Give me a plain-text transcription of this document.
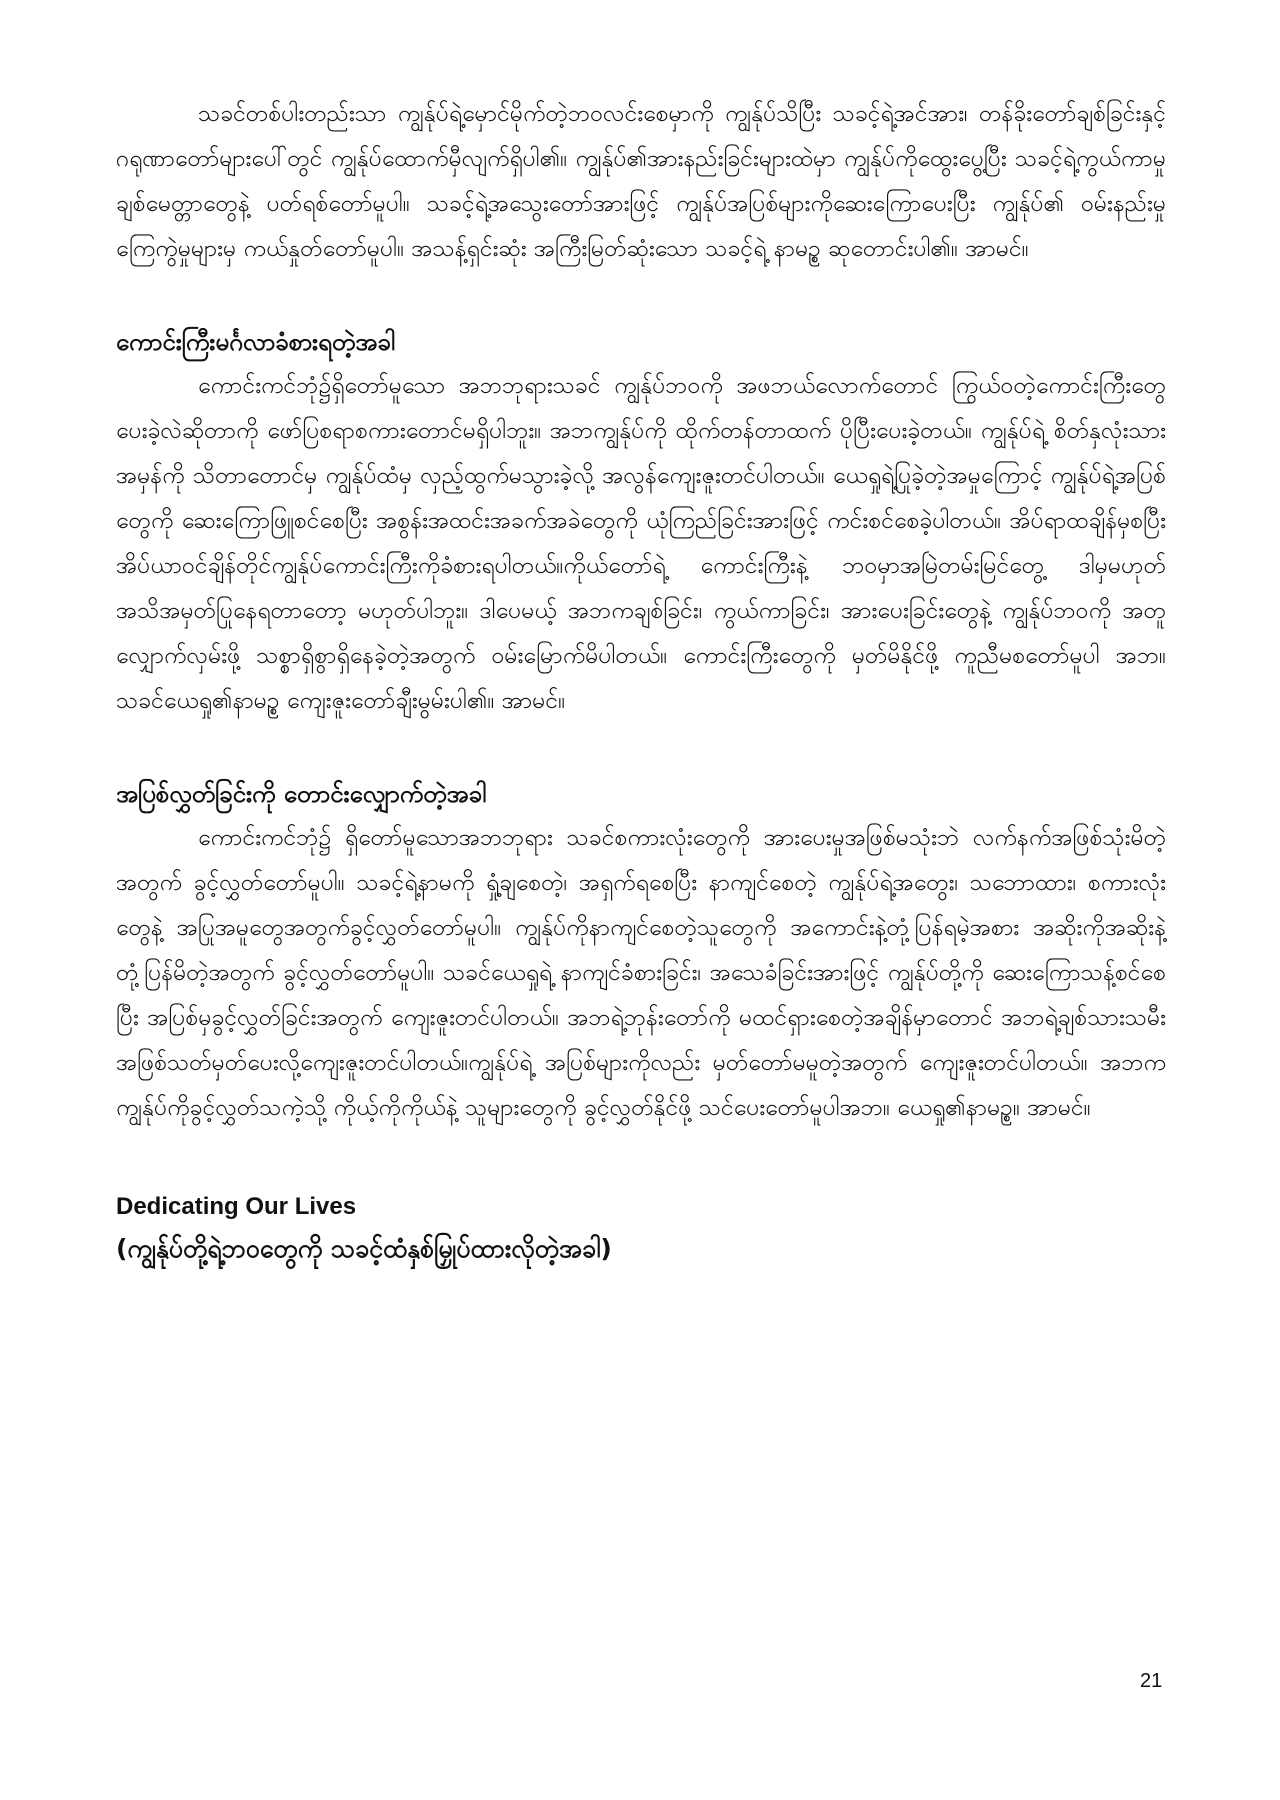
သခင်တစ်ပါးတည်းသာ ကျွန်ုပ်ရဲ့မှောင်မိုက်တဲ့ဘဝလင်းစေမှာကို ကျွန်ုပ်သိပြီး သခင့်ရဲ့အင်အား၊ တန်ခိုးတော်ချစ်ခြင်းနှင့် ဂရုဏာတော်များပေါ်တွင် ကျွန်ုပ်ထောက်မှီလျက်ရှိပါ၏။ ကျွန်ုပ်၏အားနည်းခြင်းများထဲမှာ ကျွန်ုပ်ကိုထွေးပွေ့ပြီး သခင့်ရဲ့ကွယ်ကာမှု ချစ်မေတ္တာတွေနဲ့ ပတ်ရစ်တော်မူပါ။ သခင့်ရဲ့အသွေးတော်အားဖြင့် ကျွန်ုပ်အပြစ်များကိုဆေးကြောပေးပြီး ကျွန်ုပ်၏ ဝမ်းနည်းမှု ကြေကွဲမှုများမှ ကယ်နှုတ်တော်မူပါ။ အသန့်ရှင်းဆုံး အကြီးမြတ်ဆုံးသော သခင့်ရဲ့ နာမဥ္စ ဆုတောင်းပါ၏။ အာမင်။

ကောင်းကြီးမင်္ဂလာခံစားရတဲ့အခါ

ကောင်းကင်ဘုံ၌ရှိတော်မူသော အဘဘုရားသခင် ကျွန်ုပ်ဘဝကို အဖဘယ်လောက်တောင် ကြွယ်ဝတဲ့ကောင်းကြီးတွေပေးခဲ့လဲဆိုတာကို ဖော်ပြစရာစကားတောင်မရှိပါဘူး။ အဘကျွန်ုပ်ကို ထိုက်တန်တာထက် ပိုပြီးပေးခဲ့တယ်။ ကျွန်ုပ်ရဲ့ စိတ်နှလုံးသားအမှန်ကို သိတာတောင်မှ ကျွန်ုပ်ထံမှ လှည့်ထွက်မသွားခဲ့လို့ အလွန်ကျေးဇူးတင်ပါတယ်။ ယေရှုရဲ့ပြုခဲ့တဲ့အမှုကြောင့် ကျွန်ုပ်ရဲ့အပြစ်တွေကို ဆေးကြောဖြူစင်စေပြီး အစွန်းအထင်းအခက်အခဲတွေကို ယုံကြည်ခြင်းအားဖြင့် ကင်းစင်စေခဲ့ပါတယ်။ အိပ်ရာထချိန်မှစပြီး အိပ်ယာဝင်ချိန်တိုင်ကျွန်ုပ်ကောင်းကြီးကိုခံစားရပါတယ်။ကိုယ်တော်ရဲ့ ကောင်းကြီးနဲ့ ဘဝမှာအမြဲတမ်းမြင်တွေ့ ဒါမှမဟုတ် အသိအမှတ်ပြုနေရတာတော့ မဟုတ်ပါဘူး။ ဒါပေမယ့် အဘကချစ်ခြင်း၊ ကွယ်ကာခြင်း၊ အားပေးခြင်းတွေနဲ့ ကျွန်ုပ်ဘဝကို အတူလျှောက်လှမ်းဖို့ သစ္စာရှိစွာရှိနေခဲ့တဲ့အတွက် ဝမ်းမြောက်မိပါတယ်။ ကောင်းကြီးတွေကို မှတ်မိနိုင်ဖို့ ကူညီမစတော်မူပါ အဘ။ သခင်ယေရှု၏နာမဥ္စ ကျေးဇူးတော်ချီးမွမ်းပါ၏။ အာမင်။

အပြစ်လွှတ်ခြင်းကို တောင်းလျှောက်တဲ့အခါ

ကောင်းကင်ဘုံ၌ ရှိတော်မူသောအဘဘုရား သခင်စကားလုံးတွေကို အားပေးမှုအဖြစ်မသုံးဘဲ လက်နက်အဖြစ်သုံးမိတဲ့အတွက် ခွင့်လွှတ်တော်မူပါ။ သခင့်ရဲ့နာမကို ရှုံ့ချစေတဲ့၊ အရှက်ရစေပြီး နာကျင်စေတဲ့ ကျွန်ုပ်ရဲ့အတွေး၊ သဘောထား၊ စကားလုံးတွေနဲ့ အပြုအမူတွေအတွက်ခွင့်လွှတ်တော်မူပါ။ ကျွန်ုပ်ကိုနာကျင်စေတဲ့သူတွေကို အကောင်းနဲ့တုံ့ပြန်ရမဲ့အစား အဆိုးကိုအဆိုးနဲ့ တုံ့ပြန်မိတဲ့အတွက် ခွင့်လွှတ်တော်မူပါ။ သခင်ယေရှုရဲ့ နာကျင်ခံစားခြင်း၊ အသေခံခြင်းအားဖြင့် ကျွန်ုပ်တို့ကို ဆေးကြောသန့်စင်စေပြီး အပြစ်မှခွင့်လွှတ်ခြင်းအတွက် ကျေးဇူးတင်ပါတယ်။ အဘရဲ့ဘုန်းတော်ကို မထင်ရှားစေတဲ့အချိန်မှာတောင် အဘရဲ့ချစ်သားသမီးအဖြစ်သတ်မှတ်ပေးလို့ကျေးဇူးတင်ပါတယ်။ကျွန်ုပ်ရဲ့ အပြစ်များကိုလည်း မှတ်တော်မမူတဲ့အတွက် ကျေးဇူးတင်ပါတယ်။ အဘကကျွန်ုပ်ကိုခွင့်လွှတ်သကဲ့သို့ ကိုယ့်ကိုကိုယ်နဲ့ သူများတွေကို ခွင့်လွှတ်နိုင်ဖို့ သင်ပေးတော်မူပါအဘ။ ယေရှု၏နာမဥ္စ။ အာမင်။

Dedicating Our Lives
(ကျွန်ုပ်တို့ရဲ့ဘဝတွေကို သခင့်ထံနှစ်မြှုပ်ထားလိုတဲ့အခါ)
21
